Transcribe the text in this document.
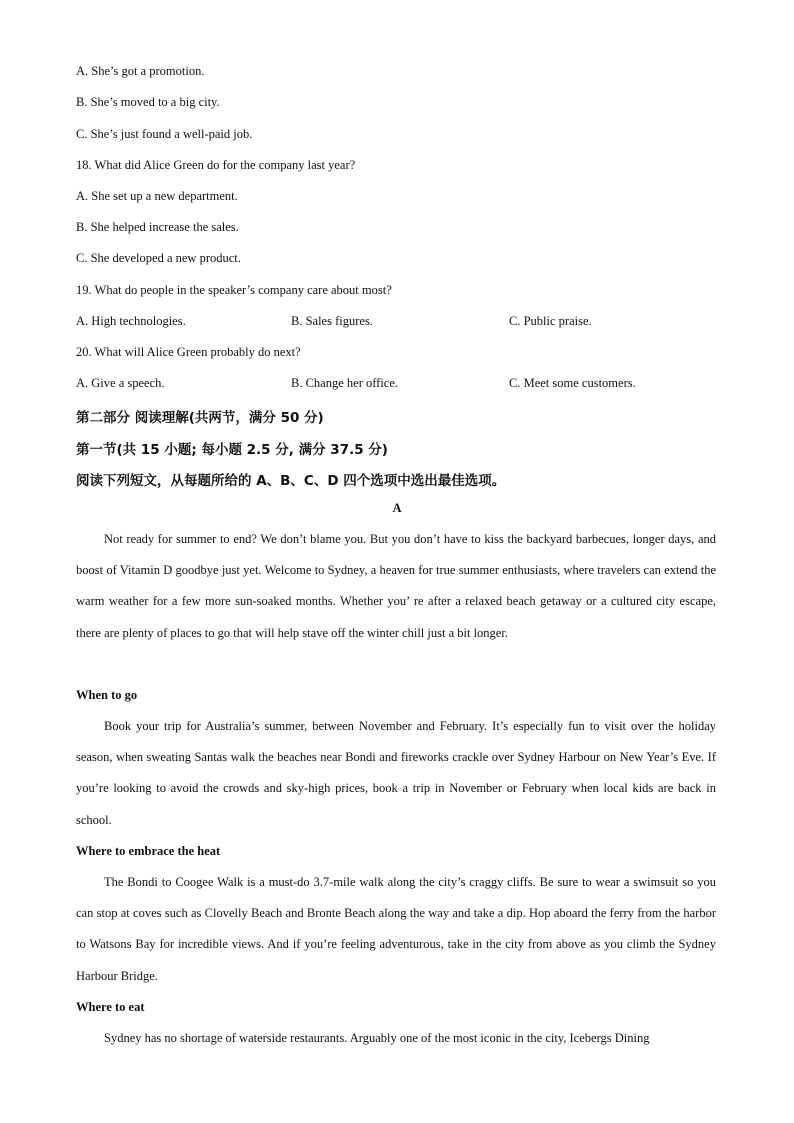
A. She’s got a promotion.
B. She’s moved to a big city.
C. She’s just found a well-paid job.
18. What did Alice Green do for the company last year?
A. She set up a new department.
B. She helped increase the sales.
C. She developed a new product.
19. What do people in the speaker’s company care about most?
A. High technologies.	B. Sales figures.	C. Public praise.
20. What will Alice Green probably do next?
A. Give a speech.	B. Change her office.	C. Meet some customers.
第二部分 阅读理解(共两节，满分 50 分)
第一节(共 15 小题; 每小题 2.5 分, 满分 37.5 分)
阅读下列短文，从每题所给的 A、B、C、D 四个选项中选出最佳选项。
A
Not ready for summer to end? We don’t blame you. But you don’t have to kiss the backyard barbecues, longer days, and boost of Vitamin D goodbye just yet. Welcome to Sydney, a heaven for true summer enthusiasts, where travelers can extend the warm weather for a few more sun-soaked months. Whether you’ re after a relaxed beach getaway or a cultured city escape, there are plenty of places to go that will help stave off the winter chill just a bit longer.
When to go
Book your trip for Australia’s summer, between November and February. It’s especially fun to visit over the holiday season, when sweating Santas walk the beaches near Bondi and fireworks crackle over Sydney Harbour on New Year’s Eve. If you’re looking to avoid the crowds and sky-high prices, book a trip in November or February when local kids are back in school.
Where to embrace the heat
The Bondi to Coogee Walk is a must-do 3.7-mile walk along the city’s craggy cliffs. Be sure to wear a swimsuit so you can stop at coves such as Clovelly Beach and Bronte Beach along the way and take a dip. Hop aboard the ferry from the harbor to Watsons Bay for incredible views. And if you’re feeling adventurous, take in the city from above as you climb the Sydney Harbour Bridge.
Where to eat
Sydney has no shortage of waterside restaurants. Arguably one of the most iconic in the city, Icebergs Dining
